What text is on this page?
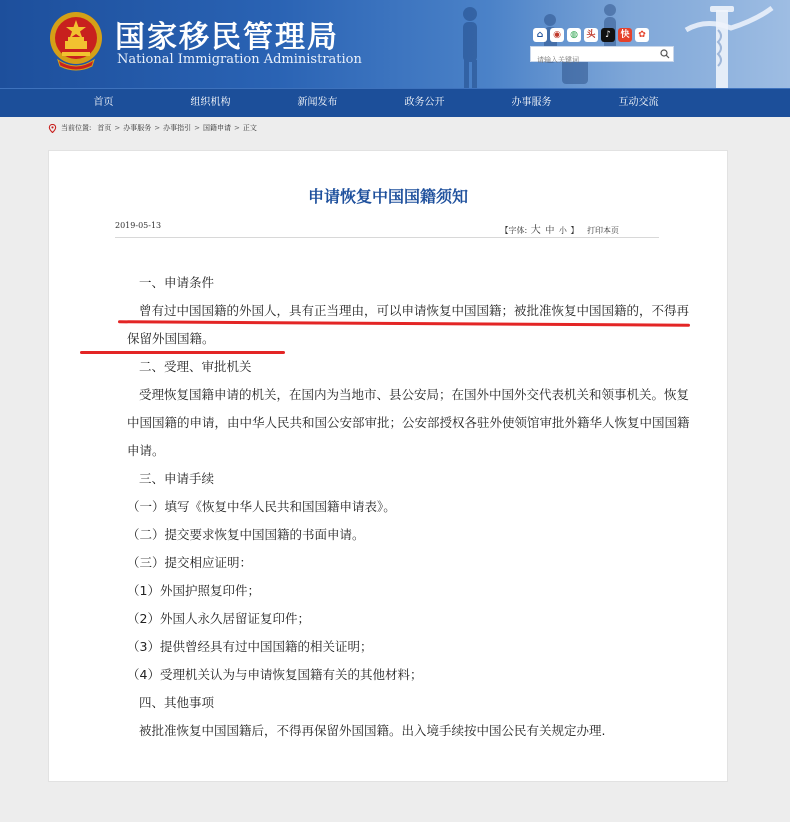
国家移民管理局
National Immigration Administration
⌂	◉	◍ 头	♪	快 ✿
请输入关键词
首页	组织机构	新闻发布	政务公开	办事服务	互动交流
当前位置: 首页 > 办事服务 > 办事指引 > 国籍申请 > 正文
申请恢复中国国籍须知
2019-05-13
【字体: 大 中 小 】 打印本页

一、申请条件

曾有过中国国籍的外国人，具有正当理由，可以申请恢复中国国籍；被批准恢复中国国籍的，不得再保留外国国籍。

二、受理、审批机关

受理恢复国籍申请的机关，在国内为当地市、县公安局；在国外中国外交代表机关和领事机关。恢复中国国籍的申请，由中华人民共和国公安部审批；公安部授权各驻外使领馆审批外籍华人恢复中国国籍申请。

三、申请手续

（一）填写《恢复中华人民共和国国籍申请表》。

（二）提交要求恢复中国国籍的书面申请。

（三）提交相应证明：

（1）外国护照复印件；

（2）外国人永久居留证复印件；

（3）提供曾经具有过中国国籍的相关证明；

（4）受理机关认为与申请恢复国籍有关的其他材料；

四、其他事项

被批准恢复中国国籍后，不得再保留外国国籍。出入境手续按中国公民有关规定办理.
